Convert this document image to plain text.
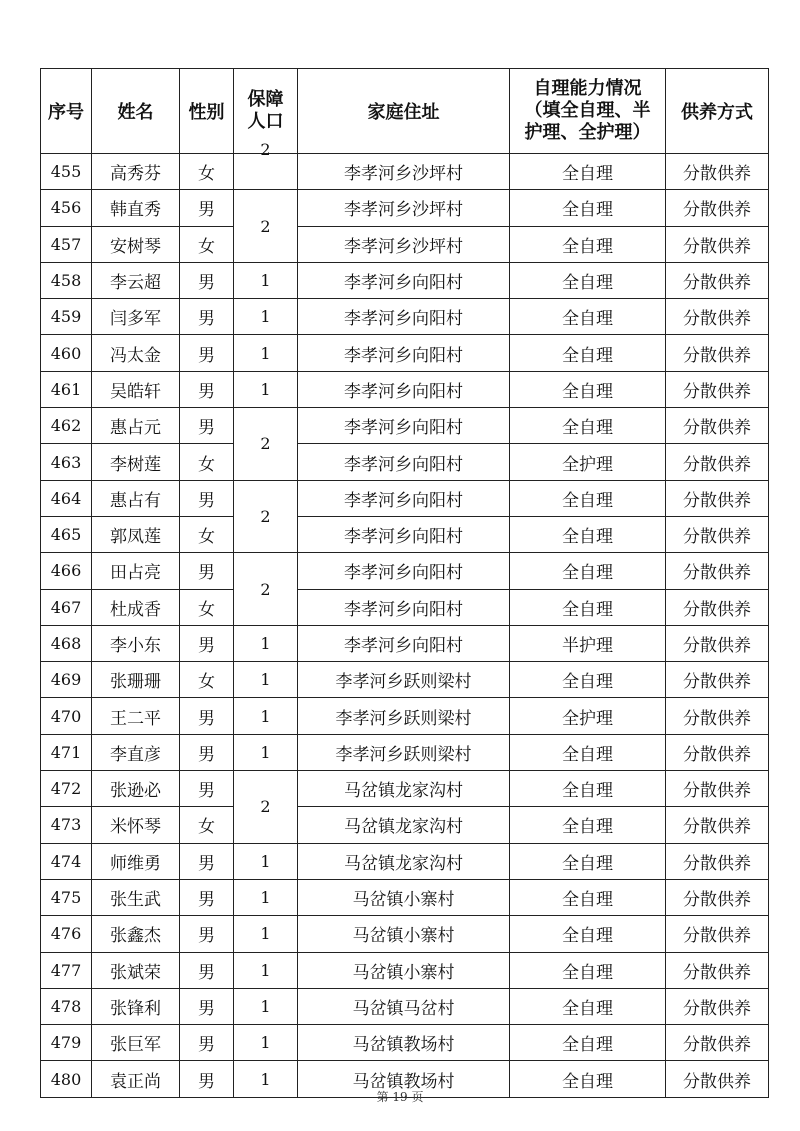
序号	姓名	性别	保障人口	家庭住址	自理能力情况（填全自理、半护理、全护理）	供养方式
455	高秀芬	女	2	李孝河乡沙坪村	全自理	分散供养
456	韩直秀	男	2	李孝河乡沙坪村	全自理	分散供养
457	安树琴	女		李孝河乡沙坪村	全自理	分散供养
458	李云超	男	1	李孝河乡向阳村	全自理	分散供养
459	闫多军	男	1	李孝河乡向阳村	全自理	分散供养
460	冯太金	男	1	李孝河乡向阳村	全自理	分散供养
461	吴皓轩	男	1	李孝河乡向阳村	全自理	分散供养
462	惠占元	男	2	李孝河乡向阳村	全自理	分散供养
463	李树莲	女		李孝河乡向阳村	全护理	分散供养
464	惠占有	男	2	李孝河乡向阳村	全自理	分散供养
465	郭凤莲	女		李孝河乡向阳村	全自理	分散供养
466	田占亮	男	2	李孝河乡向阳村	全自理	分散供养
467	杜成香	女		李孝河乡向阳村	全自理	分散供养
468	李小东	男	1	李孝河乡向阳村	半护理	分散供养
469	张珊珊	女	1	李孝河乡跃则梁村	全自理	分散供养
470	王二平	男	1	李孝河乡跃则梁村	全护理	分散供养
471	李直彦	男	1	李孝河乡跃则梁村	全自理	分散供养
472	张逊必	男	2	马岔镇龙家沟村	全自理	分散供养
473	米怀琴	女		马岔镇龙家沟村	全自理	分散供养
474	师维勇	男	1	马岔镇龙家沟村	全自理	分散供养
475	张生武	男	1	马岔镇小寨村	全自理	分散供养
476	张鑫杰	男	1	马岔镇小寨村	全自理	分散供养
477	张斌荣	男	1	马岔镇小寨村	全自理	分散供养
478	张锋利	男	1	马岔镇马岔村	全自理	分散供养
479	张巨军	男	1	马岔镇教场村	全自理	分散供养
480	袁正尚	男	1	马岔镇教场村	全自理	分散供养
第 19 页
